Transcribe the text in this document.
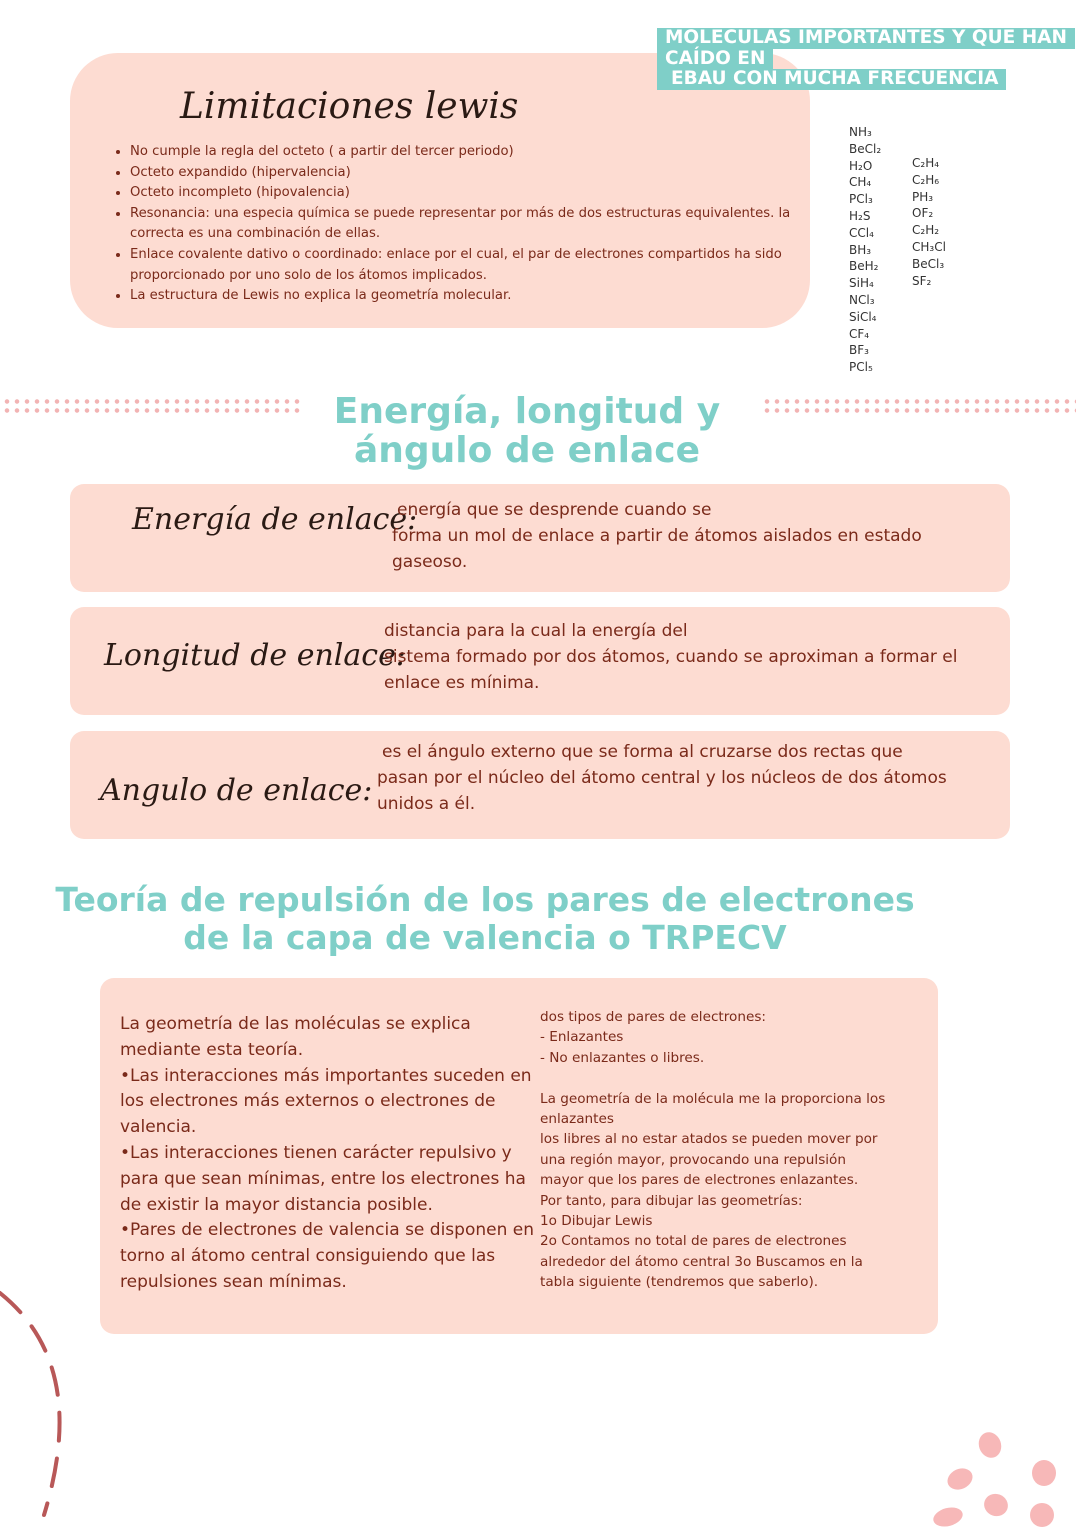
MOLÉCULAS IMPORTANTES Y QUE HAN
CAÍDO EN
EBAU CON MUCHA FRECUENCIA
Limitaciones lewis
• No cumple la regla del octeto ( a partir del tercer periodo)
• Octeto expandido (hipervalencia)
• Octeto incompleto (hipovalencia)
• Resonancia: una especia química se puede representar por más de dos estructuras equivalentes. la correcta es una combinación de ellas.
• Enlace covalente dativo o coordinado: enlace por el cual, el par de electrones compartidos ha sido proporcionado por uno solo de los átomos implicados.
• La estructura de Lewis no explica la geometría molecular.
NH₃
BeCl₂
H₂O
CH₄
PCl₃
H₂S
CCl₄
BH₃
BeH₂
SiH₄
NCl₃
SiCl₄
CF₄
BF₃
PCl₅
C₂H₄
C₂H₆
PH₃
OF₂
C₂H₂
CH₃Cl
BeCl₃
SF₂
Energía, longitud y
ángulo de enlace
Energía de enlace:
energía que se desprende cuando se
forma un mol de enlace a partir de átomos aislados en estado
gaseoso.
Longitud de enlace:
distancia para la cual la energía del
sistema formado por dos átomos, cuando se aproximan a formar el
enlace es mínima.
Angulo de enlace:
es el ángulo externo que se forma al cruzarse dos rectas que
pasan por el núcleo del átomo central y los núcleos de dos átomos
unidos a él.
Teoría de repulsión de los pares de electrones
de la capa de valencia o TRPECV
La geometría de las moléculas se explica
mediante esta teoría.
•Las interacciones más importantes suceden en
los electrones más externos o electrones de
valencia.
•Las interacciones tienen carácter repulsivo y
para que sean mínimas, entre los electrones ha
de existir la mayor distancia posible.
•Pares de electrones de valencia se disponen en
torno al átomo central consiguiendo que las
repulsiones sean mínimas.
dos tipos de pares de electrones:
- Enlazantes
- No enlazantes o libres.
La geometría de la molécula me la proporciona los
enlazantes
los libres al no estar atados se pueden mover por
una región mayor, provocando una repulsión
mayor que los pares de electrones enlazantes.
Por tanto, para dibujar las geometrías:
1o Dibujar Lewis
2o Contamos no total de pares de electrones
alrededor del átomo central 3o Buscamos en la
tabla siguiente (tendremos que saberlo).
